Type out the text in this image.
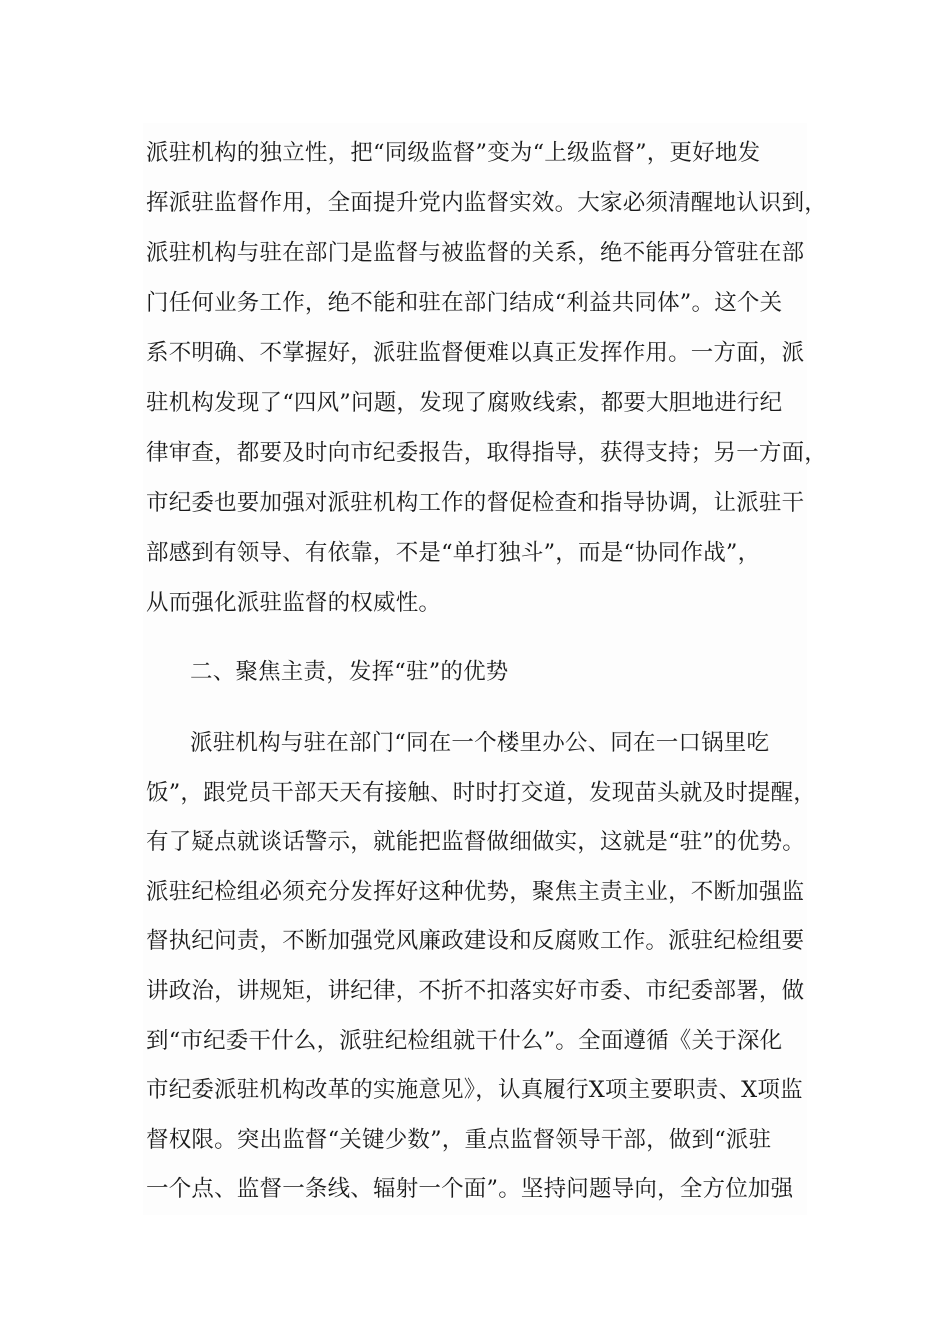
派驻机构的独立性，把“同级监督”变为“上级监督”，更好地发
挥派驻监督作用，全面提升党内监督实效。大家必须清醒地认识到，
派驻机构与驻在部门是监督与被监督的关系，绝不能再分管驻在部
门任何业务工作，绝不能和驻在部门结成“利益共同体”。这个关
系不明确、不掌握好，派驻监督便难以真正发挥作用。一方面，派
驻机构发现了“四风”问题，发现了腐败线索，都要大胆地进行纪
律审查，都要及时向市纪委报告，取得指导，获得支持；另一方面，
市纪委也要加强对派驻机构工作的督促检查和指导协调，让派驻干
部感到有领导、有依靠，不是“单打独斗”，而是“协同作战”，
从而强化派驻监督的权威性。
二、聚焦主责，发挥“驻”的优势
派驻机构与驻在部门“同在一个楼里办公、同在一口锅里吃
饭”，跟党员干部天天有接触、时时打交道，发现苗头就及时提醒，
有了疑点就谈话警示，就能把监督做细做实，这就是“驻”的优势。
派驻纪检组必须充分发挥好这种优势，聚焦主责主业，不断加强监
督执纪问责，不断加强党风廉政建设和反腐败工作。派驻纪检组要
讲政治，讲规矩，讲纪律，不折不扣落实好市委、市纪委部署，做
到“市纪委干什么，派驻纪检组就干什么”。全面遵循《关于深化
市纪委派驻机构改革的实施意见》，认真履行X项主要职责、X项监
督权限。突出监督“关键少数”，重点监督领导干部，做到“派驻
一个点、监督一条线、辐射一个面”。坚持问题导向，全方位加强
